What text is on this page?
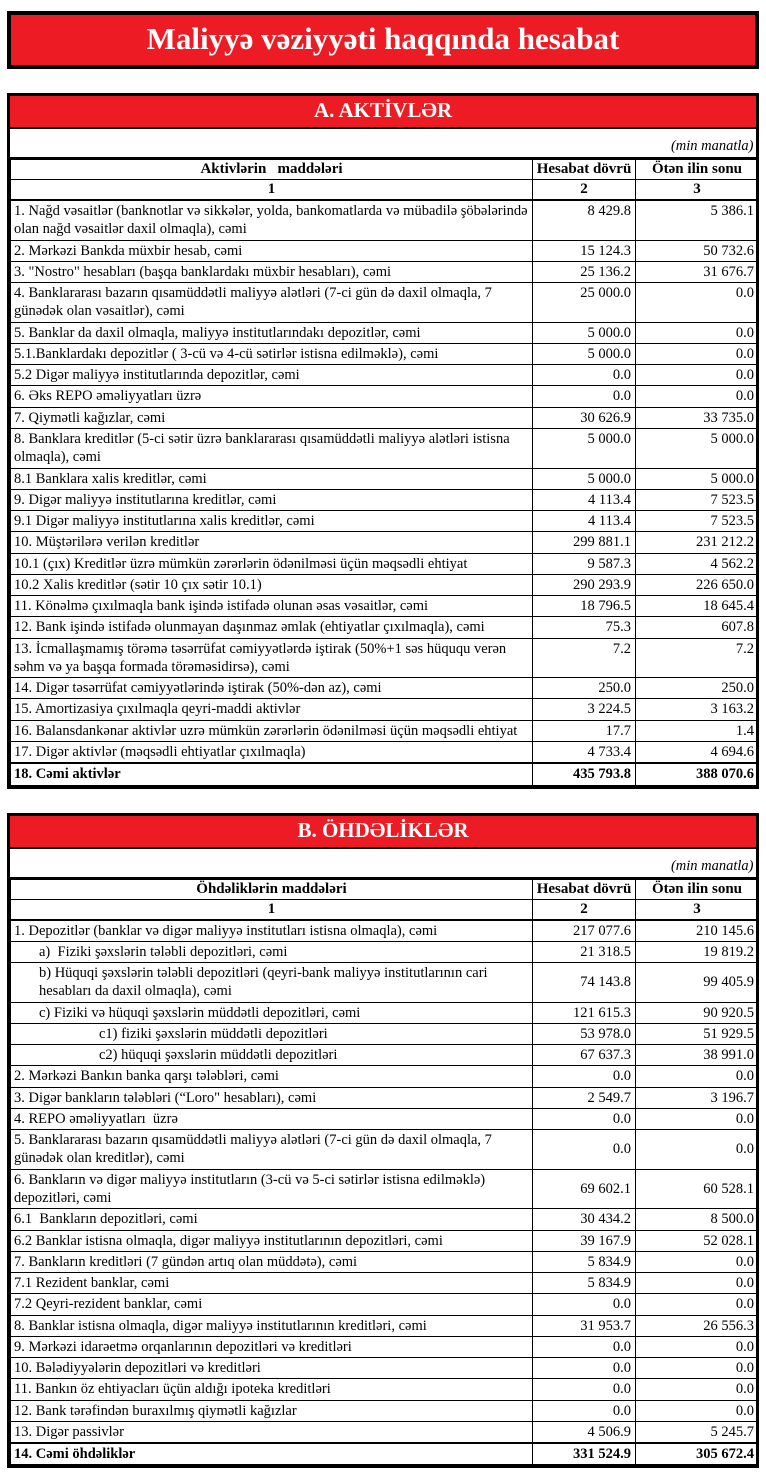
Maliyyə vəziyyəti haqqında hesabat
A. AKTİVLƏR
(min manatla)		
Aktivlərin   maddələri	Hesabat dövrü	Ötən ilin sonu
1	2	3
1. Nağd vəsaitlər (banknotlar və sikkələr, yolda, bankomatlarda və mübadilə şöbələrində olan nağd vəsaitlər daxil olmaqla), cəmi	8 429.8	5 386.1
2. Mərkəzi Bankda müxbir hesab, cəmi	15 124.3	50 732.6
3. "Nostro" hesabları (başqa banklardakı müxbir hesabları), cəmi	25 136.2	31 676.7
4. Banklararası bazarın qısamüddətli maliyyə alətləri (7-ci gün də daxil olmaqla, 7 günədək olan vəsaitlər), cəmi	25 000.0	0.0
5. Banklar da daxil olmaqla, maliyyə institutlarındakı depozitlər, cəmi	5 000.0	0.0
5.1.Banklardakı depozitlər ( 3-cü və 4-cü sətirlər istisna edilməklə), cəmi	5 000.0	0.0
5.2 Digər maliyyə institutlarında depozitlər, cəmi	0.0	0.0
6. Əks REPO əməliyyatları üzrə	0.0	0.0
7. Qiymətli kağızlar, cəmi	30 626.9	33 735.0
8. Banklara kreditlər (5-ci sətir üzrə banklararası qısamüddətli maliyyə alətləri istisna olmaqla), cəmi	5 000.0	5 000.0
8.1 Banklara xalis kreditlər, cəmi	5 000.0	5 000.0
9. Digər maliyyə institutlarına kreditlər, cəmi	4 113.4	7 523.5
9.1 Digər maliyyə institutlarına xalis kreditlər, cəmi	4 113.4	7 523.5
10. Müştərilərə verilən kreditlər	299 881.1	231 212.2
10.1 (çıx) Kreditlər üzrə mümkün zərərlərin ödənilməsi üçün məqsədli ehtiyat	9 587.3	4 562.2
10.2 Xalis kreditlər (sətir 10 çıx sətir 10.1)	290 293.9	226 650.0
11. Könəlmə çıxılmaqla bank işində istifadə olunan əsas vəsaitlər, cəmi	18 796.5	18 645.4
12. Bank işində istifadə olunmayan daşınmaz əmlak (ehtiyatlar çıxılmaqla), cəmi	75.3	607.8
13. İcmallaşmamış törəmə təsərrüfat cəmiyyətlərdə iştirak (50%+1 səs hüququ verən səhm və ya başqa formada törəməsidirsə), cəmi	7.2	7.2
14. Digər təsərrüfat cəmiyyətlərində iştirak (50%-dən az), cəmi	250.0	250.0
15. Amortizasiya çıxılmaqla qeyri-maddi aktivlər	3 224.5	3 163.2
16. Balansdankənar aktivlər uzrə mümkün zərərlərin ödənilməsi üçün məqsədli ehtiyat	17.7	1.4
17. Digər aktivlər (məqsədli ehtiyatlar çıxılmaqla)	4 733.4	4 694.6
18. Cəmi aktivlər	435 793.8	388 070.6
B. ÖHDƏLİKLƏR
(min manatla)		
Öhdəliklərin maddələri	Hesabat dövrü	Ötən ilin sonu
1	2	3
1. Depozitlər (banklar və digər maliyyə institutları istisna olmaqla), cəmi	217 077.6	210 145.6
a)  Fiziki şəxslərin tələbli depozitləri, cəmi	21 318.5	19 819.2
b) Hüquqi şəxslərin tələbli depozitləri (qeyri-bank maliyyə institutlarının cari hesabları da daxil olmaqla), cəmi	74 143.8	99 405.9
c) Fiziki və hüquqi şəxslərin müddətli depozitləri, cəmi	121 615.3	90 920.5
c1) fiziki şəxslərin müddətli depozitləri	53 978.0	51 929.5
c2) hüquqi şəxslərin müddətli depozitləri	67 637.3	38 991.0
2. Mərkəzi Bankın banka qarşı tələbləri, cəmi	0.0	0.0
3. Digər bankların tələbləri (“Loro" hesabları), cəmi	2 549.7	3 196.7
4. REPO əməliyyatları  üzrə	0.0	0.0
5. Banklararası bazarın qısamüddətli maliyyə alətləri (7-ci gün də daxil olmaqla, 7 günədək olan kreditlər), cəmi	0.0	0.0
6. Bankların və digər maliyyə institutların (3-cü və 5-ci sətirlər istisna edilməklə) depozitləri, cəmi	69 602.1	60 528.1
6.1  Bankların depozitləri, cəmi	30 434.2	8 500.0
6.2 Banklar istisna olmaqla, digər maliyyə institutlarının depozitləri, cəmi	39 167.9	52 028.1
7. Bankların kreditləri (7 gündən artıq olan müddətə), cəmi	5 834.9	0.0
7.1 Rezident banklar, cəmi	5 834.9	0.0
7.2 Qeyri-rezident banklar, cəmi	0.0	0.0
8. Banklar istisna olmaqla, digər maliyyə institutlarının kreditləri, cəmi	31 953.7	26 556.3
9. Mərkəzi idarəetmə orqanlarının depozitləri və kreditləri	0.0	0.0
10. Bələdiyyələrin depozitləri və kreditləri	0.0	0.0
11. Bankın öz ehtiyacları üçün aldığı ipoteka kreditləri	0.0	0.0
12. Bank tərəfindən buraxılmış qiymətli kağızlar	0.0	0.0
13. Digər passivlər	4 506.9	5 245.7
14. Cəmi öhdəliklər	331 524.9	305 672.4
